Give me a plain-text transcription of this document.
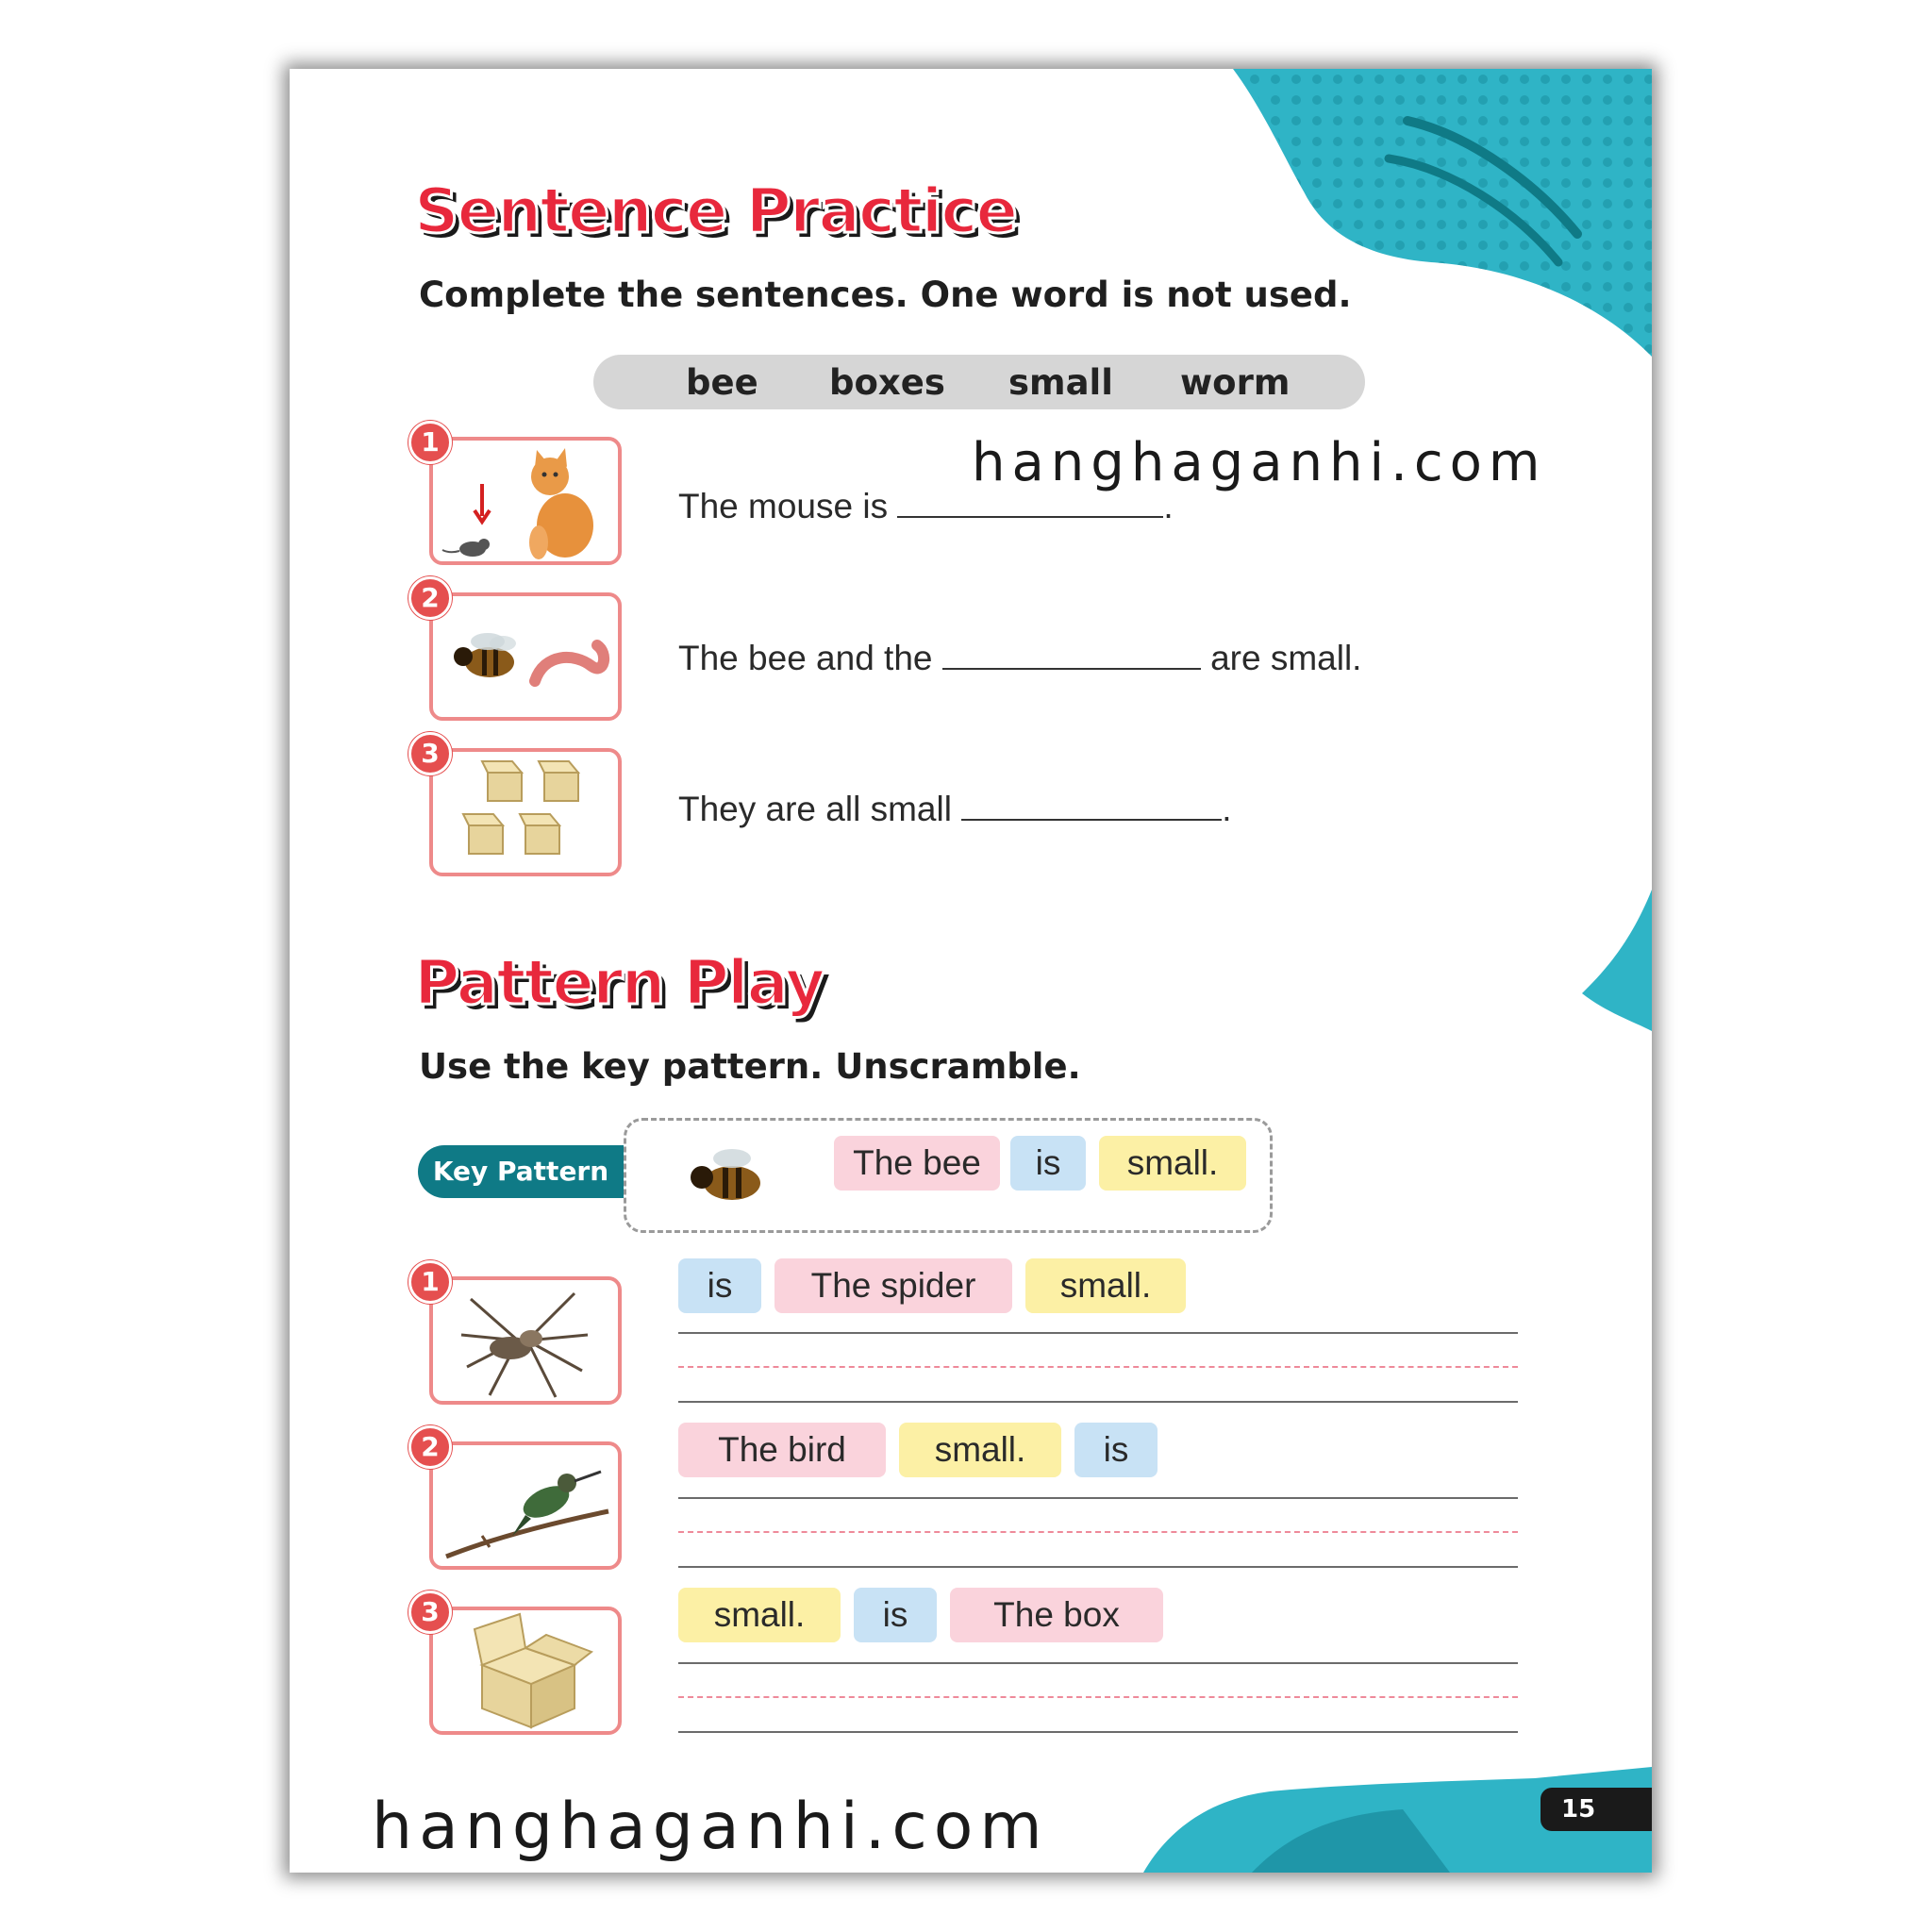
Sentence Practice

Complete the sentences. One word is not used.

bee boxes small worm
1
The mouse is	.
2
The bee and the	are small.
3
They are all small	.
Pattern Play

Use the key pattern. Unscramble.

Key Pattern	The bee	is	small.
1	is	The spider	small.
2	The bird	small.	is
3	small.	is	The box
15
hanghaganhi.com
hanghaganhi.com
